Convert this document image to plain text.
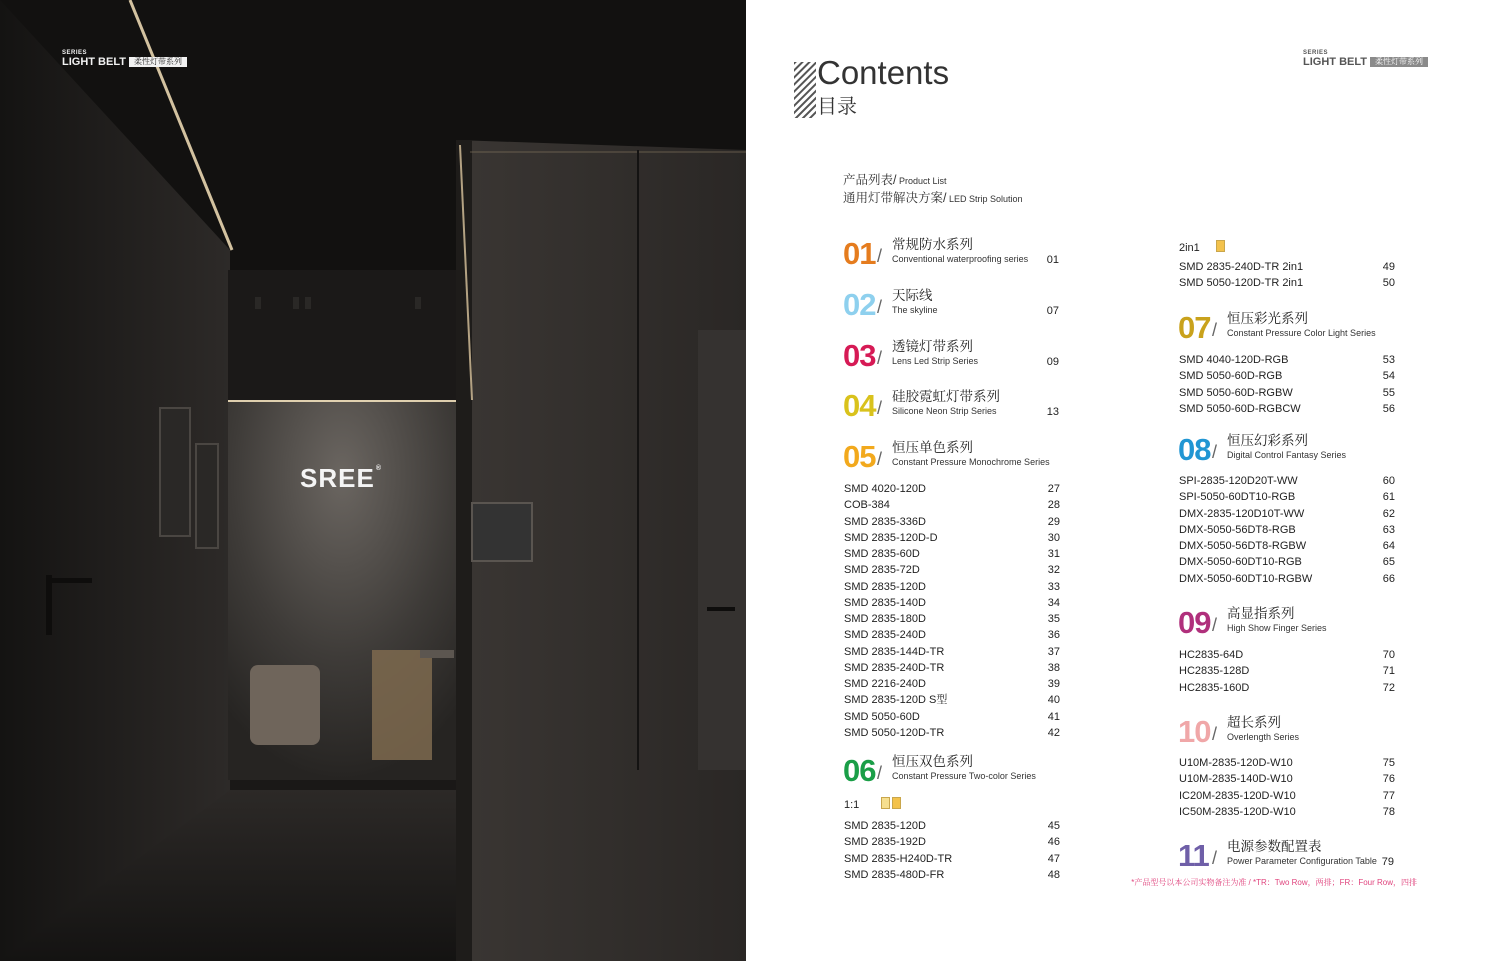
SERIES
LIGHT BELT 柔性灯带系列
SREE®
SERIES
LIGHT BELT 柔性灯带系列
Contents
目录
产品列表/ Product List
通用灯带解决方案/ LED Strip Solution
01 /
常规防水系列
Conventional waterproofing series 01
02 /
天际线
The skyline	07
03 /
透镜灯带系列
Lens Led Strip Series	09
04 /
硅胶霓虹灯带系列
Silicone Neon Strip Series	13
05 /
恒压单色系列
Constant Pressure Monochrome Series
SMD 4020-120D	27
COB-384	28
SMD 2835-336D	29
SMD 2835-120D-D	30
SMD 2835-60D	31
SMD 2835-72D	32
SMD 2835-120D	33
SMD 2835-140D	34
SMD 2835-180D	35
SMD 2835-240D	36
SMD 2835-144D-TR	37
SMD 2835-240D-TR	38
SMD 2216-240D	39
SMD 2835-120D S型	40
SMD 5050-60D	41
SMD 5050-120D-TR	42
06 /
恒压双色系列
Constant Pressure Two-color Series
1:1
SMD 2835-120D	45
SMD 2835-192D	46
SMD 2835-H240D-TR	47
SMD 2835-480D-FR	48
2in1
SMD 2835-240D-TR 2in1	49
SMD 5050-120D-TR 2in1	50
07 /
恒压彩光系列
Constant Pressure Color Light Series
SMD 4040-120D-RGB	53
SMD 5050-60D-RGB	54
SMD 5050-60D-RGBW	55
SMD 5050-60D-RGBCW	56
08 /
恒压幻彩系列
Digital Control Fantasy Series
SPI-2835-120D20T-WW	60
SPI-5050-60DT10-RGB	61
DMX-2835-120D10T-WW	62
DMX-5050-56DT8-RGB	63
DMX-5050-56DT8-RGBW	64
DMX-5050-60DT10-RGB	65
DMX-5050-60DT10-RGBW	66
09 /
高显指系列
High Show Finger Series
HC2835-64D	70
HC2835-128D	71
HC2835-160D	72
10 /
超长系列
Overlength Series
U10M-2835-120D-W10	75
U10M-2835-140D-W10	76
IC20M-2835-120D-W10	77
IC50M-2835-120D-W10	78
11 /
电源参数配置表
Power Parameter Configuration Table 79
*产品型号以本公司实物备注为准 / *TR：Two Row，两排；FR：Four Row，四排
